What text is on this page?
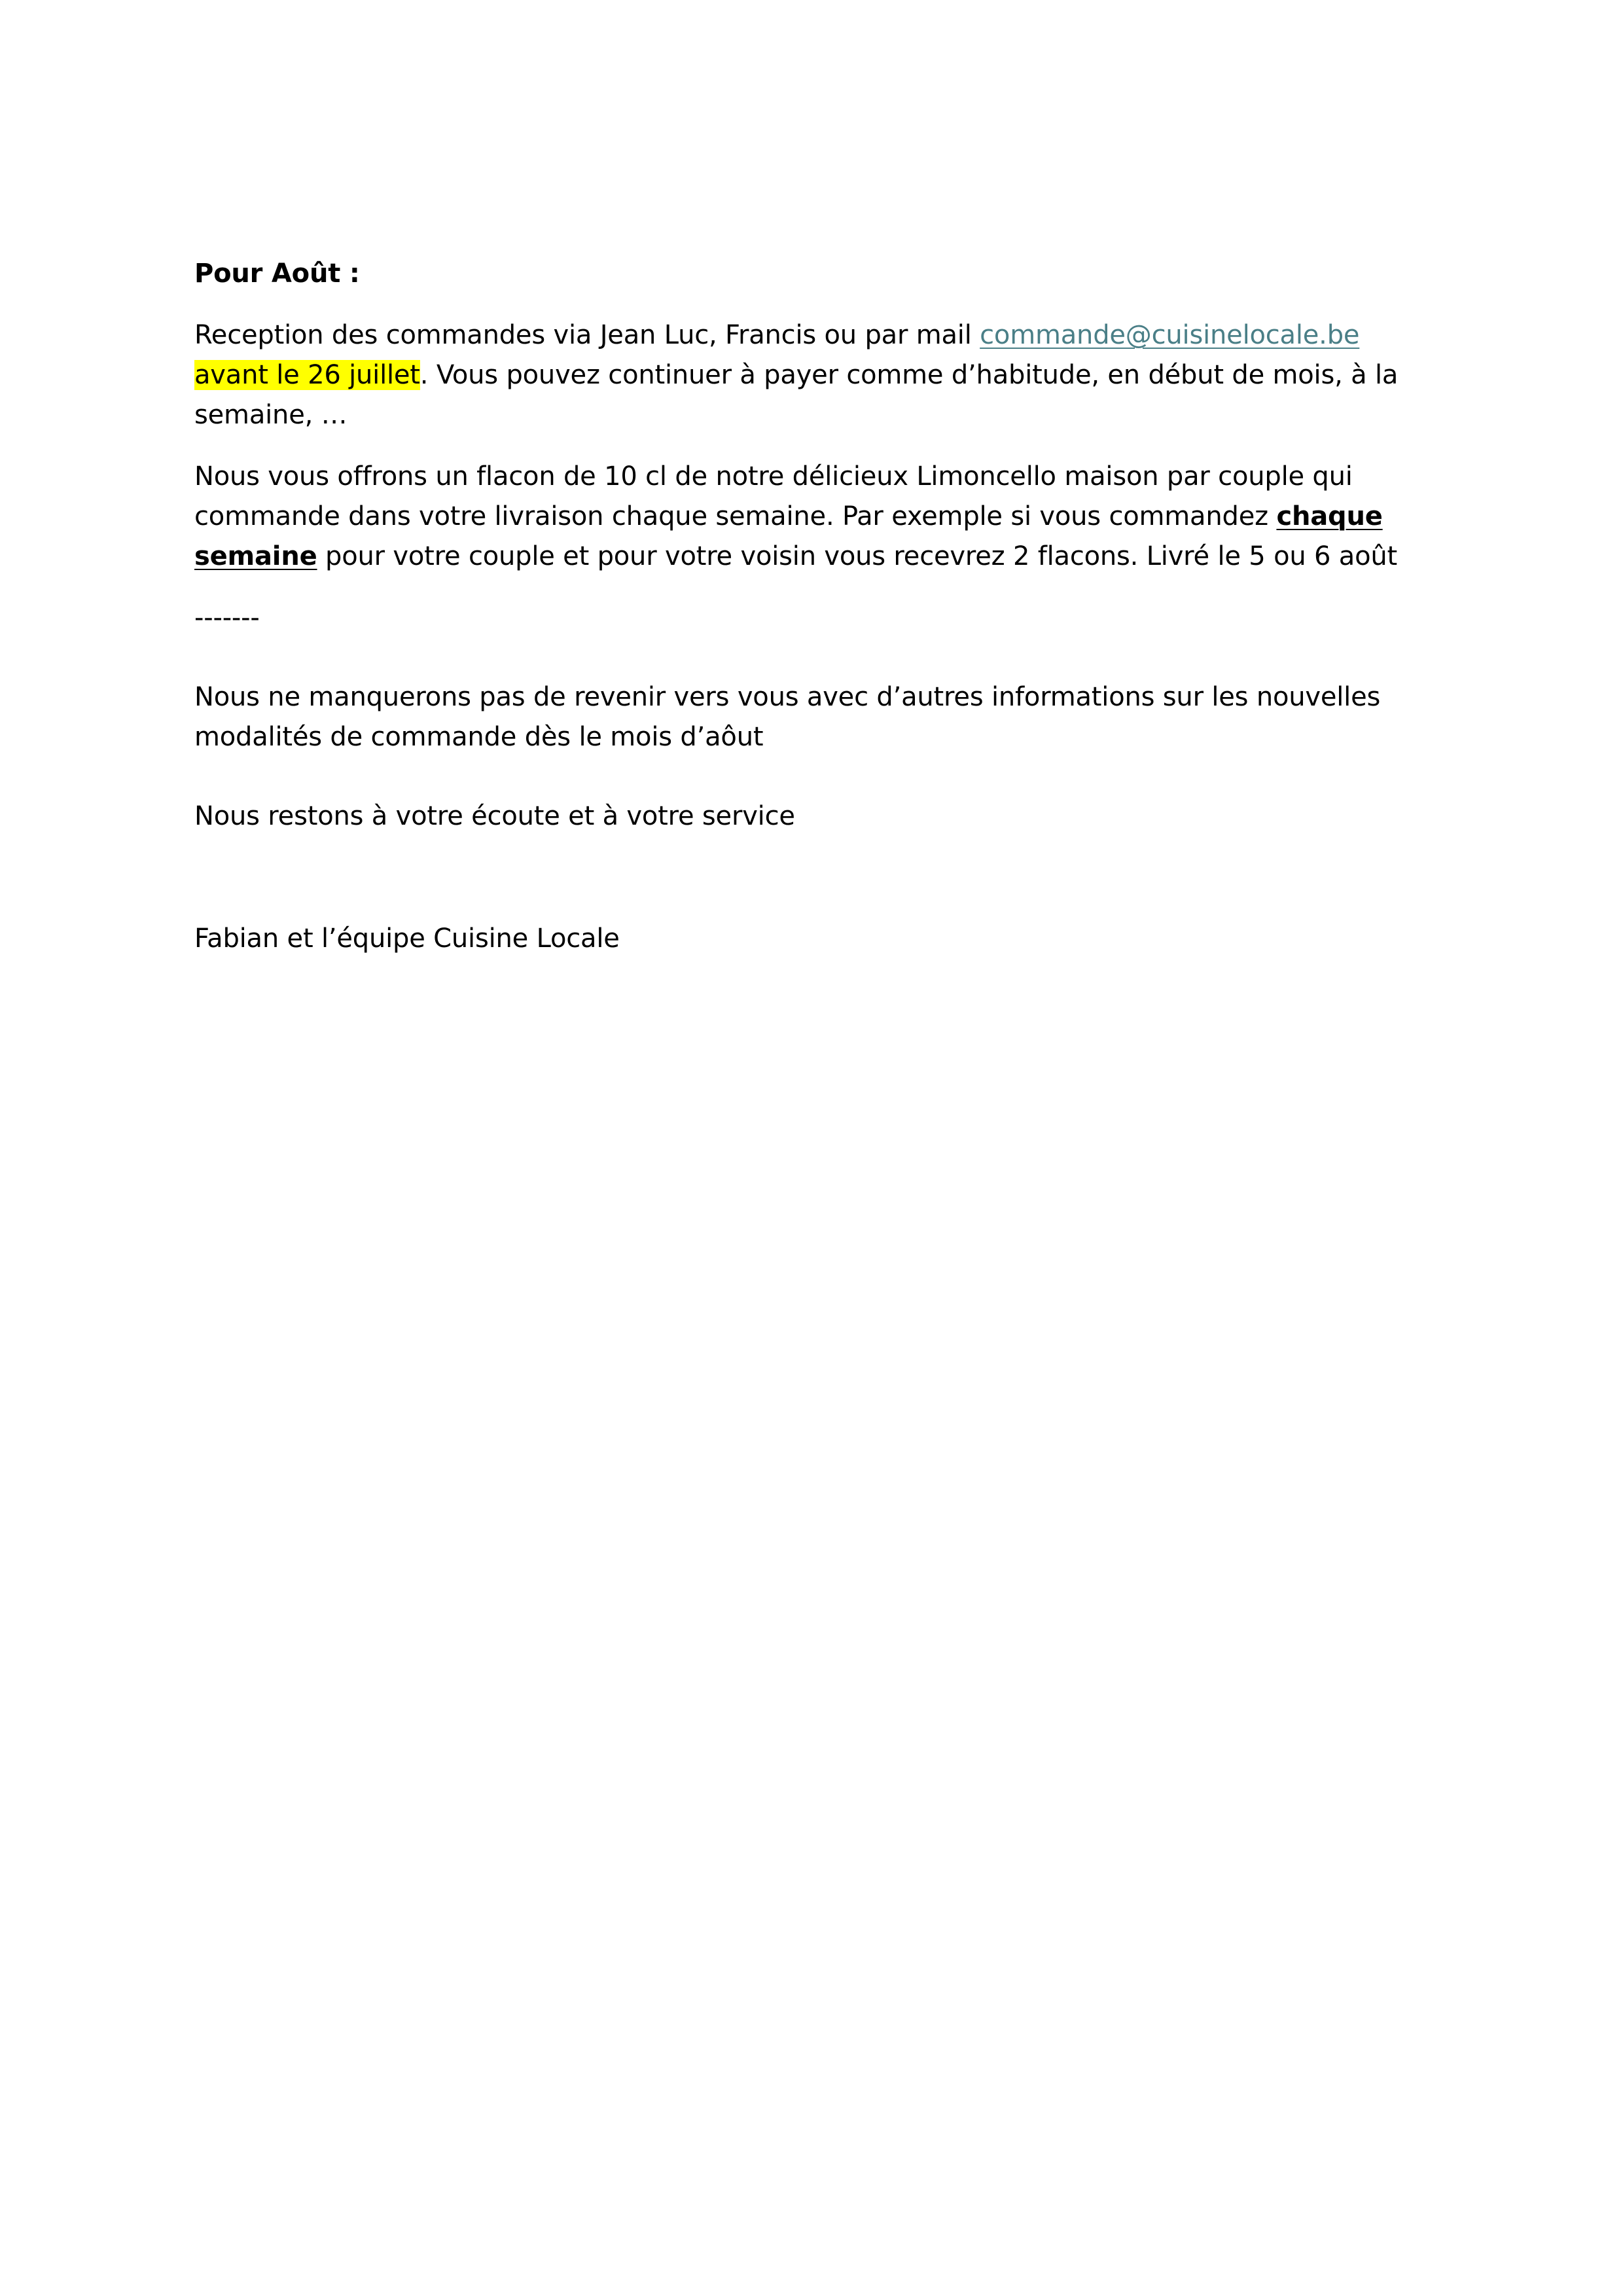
Pour Août :

Reception des commandes via Jean Luc, Francis ou par mail commande@cuisinelocale.be avant le 26 juillet. Vous pouvez continuer à payer comme d’habitude, en début de mois, à la semaine, …

Nous vous offrons un flacon de 10 cl de notre délicieux Limoncello maison par couple qui commande dans votre livraison chaque semaine. Par exemple si vous commandez chaque semaine pour votre couple et pour votre voisin vous recevrez 2 flacons. Livré le 5 ou 6 août

-------

Nous ne manquerons pas de revenir vers vous avec d’autres informations sur les nouvelles modalités de commande dès le mois d’aôut

Nous restons à votre écoute et à votre service

Fabian et l’équipe Cuisine Locale
